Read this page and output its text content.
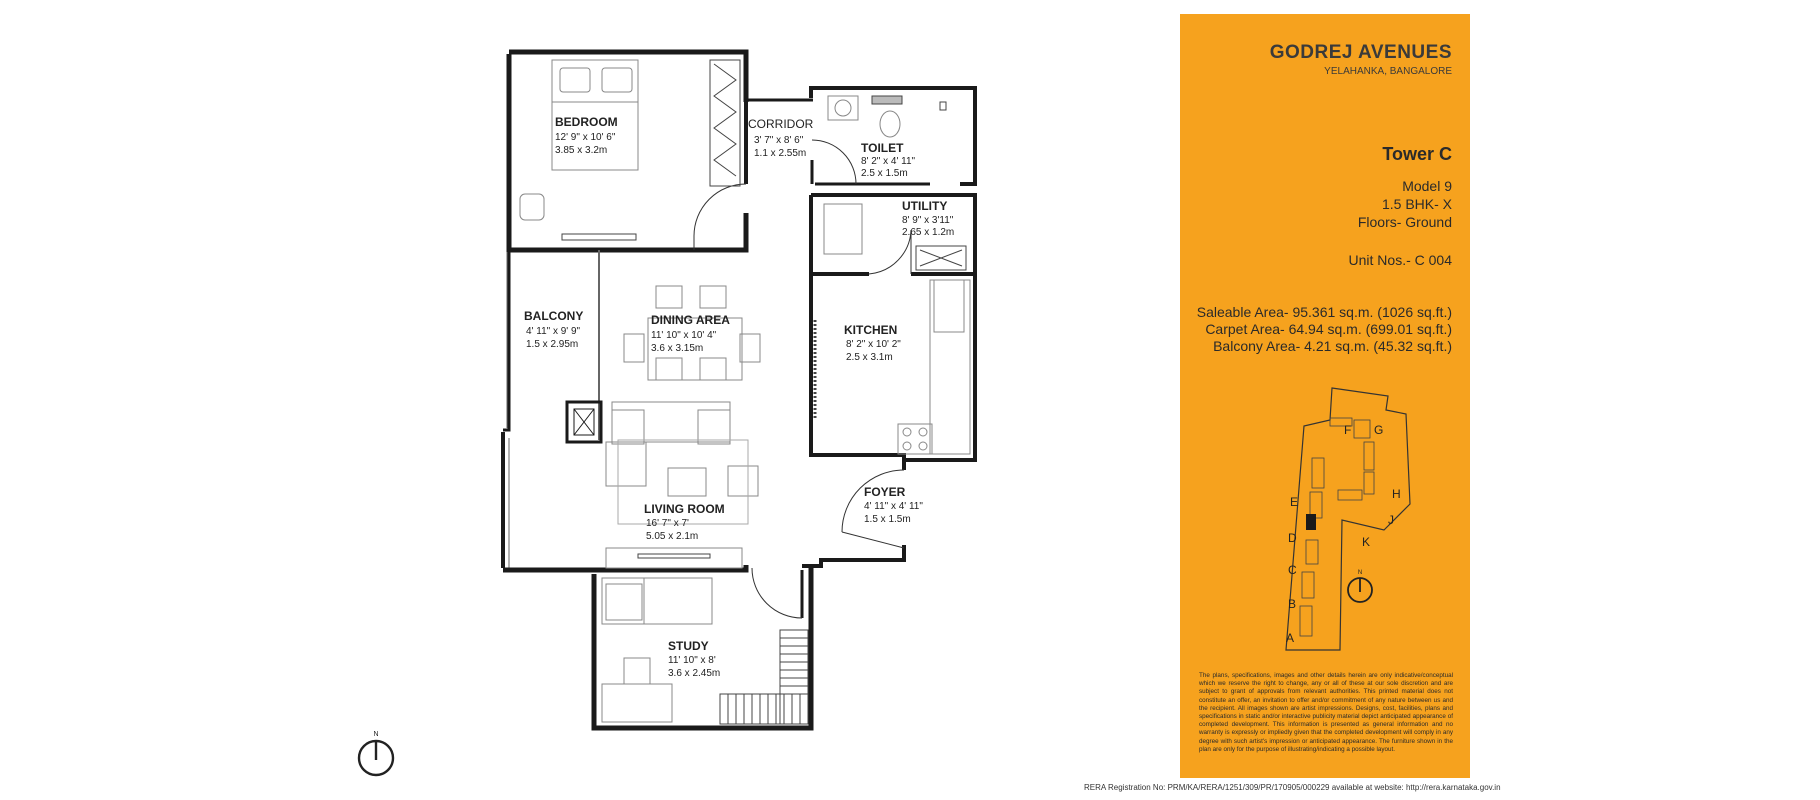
BEDROOM
12' 9" x 10' 6"
3.85 x 3.2m
CORRIDOR
3' 7" x 8' 6"
1.1 x 2.55m	TOILET
8' 2" x 4' 11"
2.5 x 1.5m
UTILITY
8' 9" x 3'11"
2.65 x 1.2m
BALCONY
4' 11" x 9' 9"
1.5 x 2.95m
DINING AREA
11' 10" x 10' 4"
3.6 x 3.15m
KITCHEN
8' 2" x 10' 2"
2.5 x 3.1m
LIVING ROOM
16' 7" x 7'
5.05 x 2.1m
FOYER
4' 11" x 4' 11"
1.5 x 1.5m
STUDY
11' 10" x 8'
3.6 x 2.45m
N
GODREJ AVENUES
YELAHANKA, BANGALORE
Tower C
Model 9
1.5 BHK- X
Floors- Ground
Unit Nos.- C 004
Saleable Area- 95.361 sq.m. (1026 sq.ft.)
Carpet Area- 64.94 sq.m. (699.01 sq.ft.)
Balcony Area- 4.21 sq.m. (45.32 sq.ft.)
A
B
C
D
E
F G
H
J
K
N
The plans, specifications, images and other details herein are only indicative/conceptual which we reserve the right to change, any or all of these at our sole discretion and are subject to grant of approvals from relevant authorities. This printed material does not constitute an offer, an invitation to offer and/or commitment of any nature between us and the recipient. All images shown are artist impressions. Designs, cost, facilities, plans and specifications in static and/or interactive publicity material depict anticipated appearance of completed development. This information is presented as general information and no warranty is expressly or impliedly given that the completed development will comply in any degree with such artist's impression or anticipated appearance. The furniture shown in the plan are only for the purpose of illustrating/indicating a possible layout.
RERA Registration No: PRM/KA/RERA/1251/309/PR/170905/000229 available at website: http://rera.karnataka.gov.in
